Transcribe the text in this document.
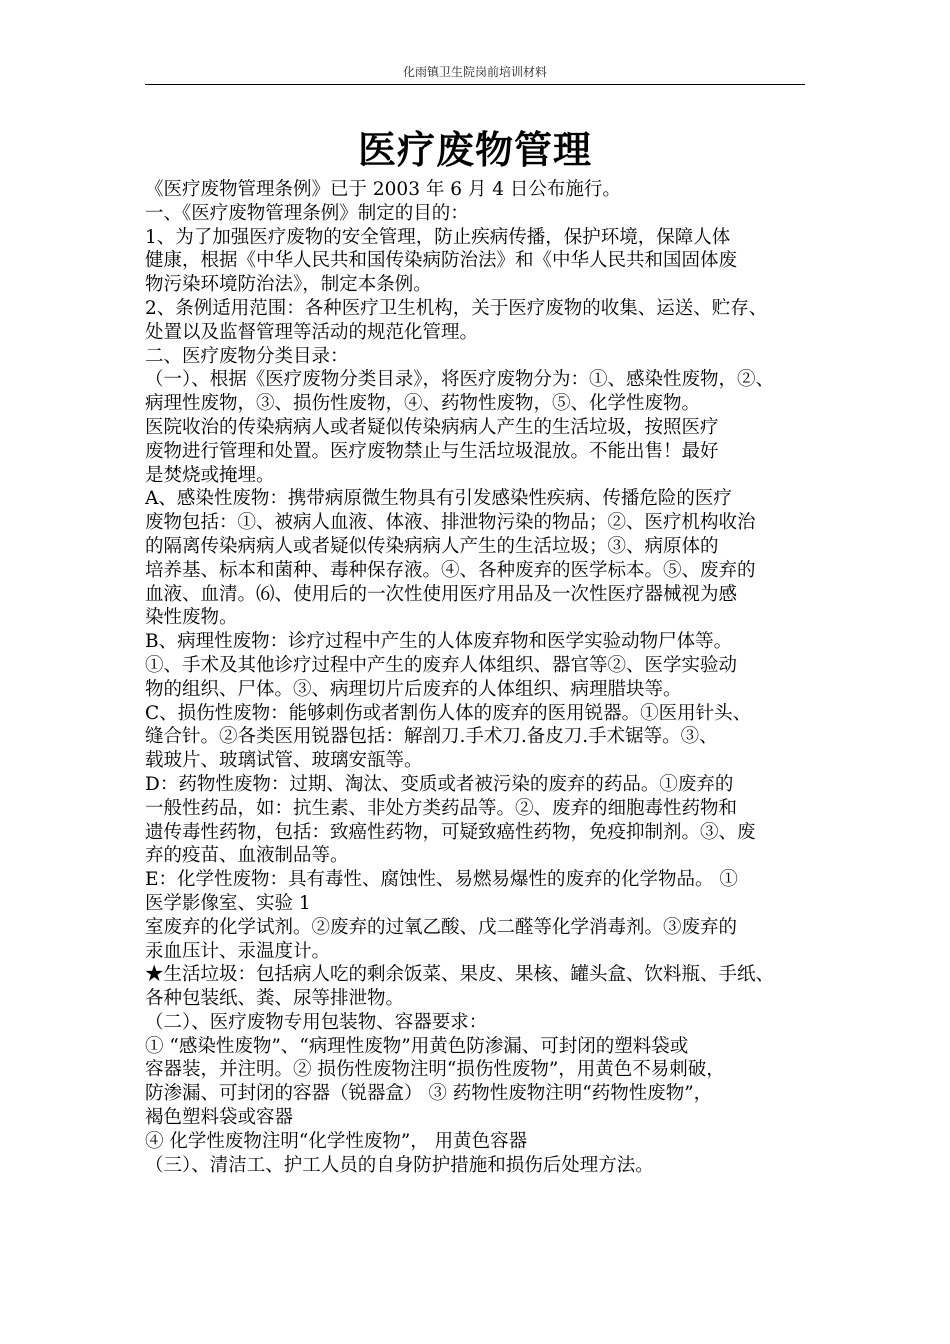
化雨镇卫生院岗前培训材料
医疗废物管理
《医疗废物管理条例》已于 2003 年 6 月 4 日公布施行。
一、《医疗废物管理条例》制定的目的：
1、为了加强医疗废物的安全管理，防止疾病传播，保护环境，保障人体
健康，根据《中华人民共和国传染病防治法》和《中华人民共和国固体废
物污染环境防治法》，制定本条例。
2、条例适用范围：各种医疗卫生机构，关于医疗废物的收集、运送、贮存、
处置以及监督管理等活动的规范化管理。
二、医疗废物分类目录：
（一）、根据《医疗废物分类目录》，将医疗废物分为：①、感染性废物，②、
病理性废物，③、损伤性废物，④、药物性废物，⑤、化学性废物。
医院收治的传染病病人或者疑似传染病病人产生的生活垃圾，按照医疗
废物进行管理和处置。医疗废物禁止与生活垃圾混放。不能出售！最好
是焚烧或掩埋。
A、感染性废物：携带病原微生物具有引发感染性疾病、传播危险的医疗
废物包括：①、被病人血液、体液、排泄物污染的物品；②、医疗机构收治
的隔离传染病病人或者疑似传染病病人产生的生活垃圾；③、病原体的
培养基、标本和菌种、毒种保存液。④、各种废弃的医学标本。⑤、废弃的
血液、血清。⑹、使用后的一次性使用医疗用品及一次性医疗器械视为感
染性废物。
B、病理性废物：诊疗过程中产生的人体废弃物和医学实验动物尸体等。
①、手术及其他诊疗过程中产生的废弃人体组织、器官等②、医学实验动
物的组织、尸体。③、病理切片后废弃的人体组织、病理腊块等。
C、损伤性废物：能够刺伤或者割伤人体的废弃的医用锐器。①医用针头、
缝合针。②各类医用锐器包括：解剖刀.手术刀.备皮刀.手术锯等。③、
载玻片、玻璃试管、玻璃安瓿等。
D：药物性废物：过期、淘汰、变质或者被污染的废弃的药品。①废弃的
一般性药品，如：抗生素、非处方类药品等。②、废弃的细胞毒性药物和
遗传毒性药物，包括：致癌性药物，可疑致癌性药物，免疫抑制剂。③、废
弃的疫苗、血液制品等。
E：化学性废物：具有毒性、腐蚀性、易燃易爆性的废弃的化学物品。 ①
医学影像室、实验 1
室废弃的化学试剂。②废弃的过氧乙酸、戊二醛等化学消毒剂。③废弃的
汞血压计、汞温度计。
★生活垃圾：包括病人吃的剩余饭菜、果皮、果核、罐头盒、饮料瓶、手纸、
各种包装纸、粪、尿等排泄物。
（二）、医疗废物专用包装物、容器要求：
① “感染性废物”、“病理性废物”用黄色防渗漏、可封闭的塑料袋或
容器装，并注明。② 损伤性废物注明“损伤性废物”，用黄色不易刺破，
防渗漏、可封闭的容器（锐器盒） ③ 药物性废物注明“药物性废物”，
褐色塑料袋或容器
④ 化学性废物注明“化学性废物”， 用黄色容器
（三）、清洁工、护工人员的自身防护措施和损伤后处理方法。
